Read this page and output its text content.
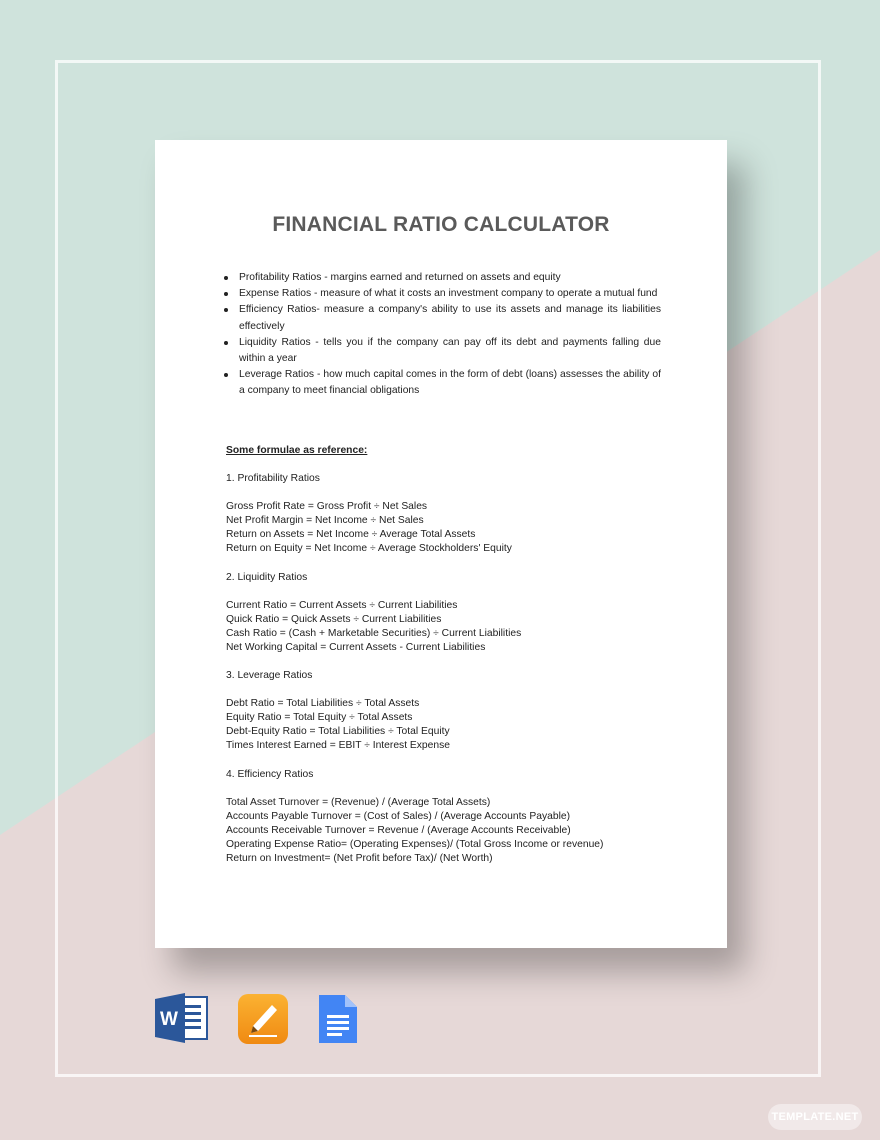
FINANCIAL RATIO CALCULATOR
Profitability Ratios - margins earned and returned on assets and equity
Expense Ratios - measure of what it costs an investment company to operate a mutual fund
Efficiency Ratios- measure a company's ability to use its assets and manage its liabilities effectively
Liquidity Ratios - tells you if the company can pay off its debt and payments falling due within a year
Leverage Ratios - how much capital comes in the form of debt (loans) assesses the ability of a company to meet financial obligations
Some formulae as reference:
1. Profitability Ratios
Gross Profit Rate = Gross Profit ÷ Net Sales
Net Profit Margin = Net Income ÷ Net Sales
Return on Assets = Net Income ÷ Average Total Assets
Return on Equity = Net Income ÷ Average Stockholders' Equity
2. Liquidity Ratios
Current Ratio = Current Assets ÷ Current Liabilities
Quick Ratio = Quick Assets ÷ Current Liabilities
Cash Ratio = (Cash + Marketable Securities) ÷ Current Liabilities
Net Working Capital = Current Assets - Current Liabilities
3. Leverage Ratios
Debt Ratio = Total Liabilities ÷ Total Assets
Equity Ratio = Total Equity ÷ Total Assets
Debt-Equity Ratio = Total Liabilities ÷ Total Equity
Times Interest Earned = EBIT ÷ Interest Expense
4. Efficiency Ratios
Total Asset Turnover = (Revenue) / (Average Total Assets)
Accounts Payable Turnover = (Cost of Sales) / (Average Accounts Payable)
Accounts Receivable Turnover = Revenue / (Average Accounts Receivable)
Operating Expense Ratio= (Operating Expenses)/ (Total Gross Income or revenue)
Return on Investment= (Net Profit before Tax)/ (Net Worth)
W
TEMPLATE.NET
